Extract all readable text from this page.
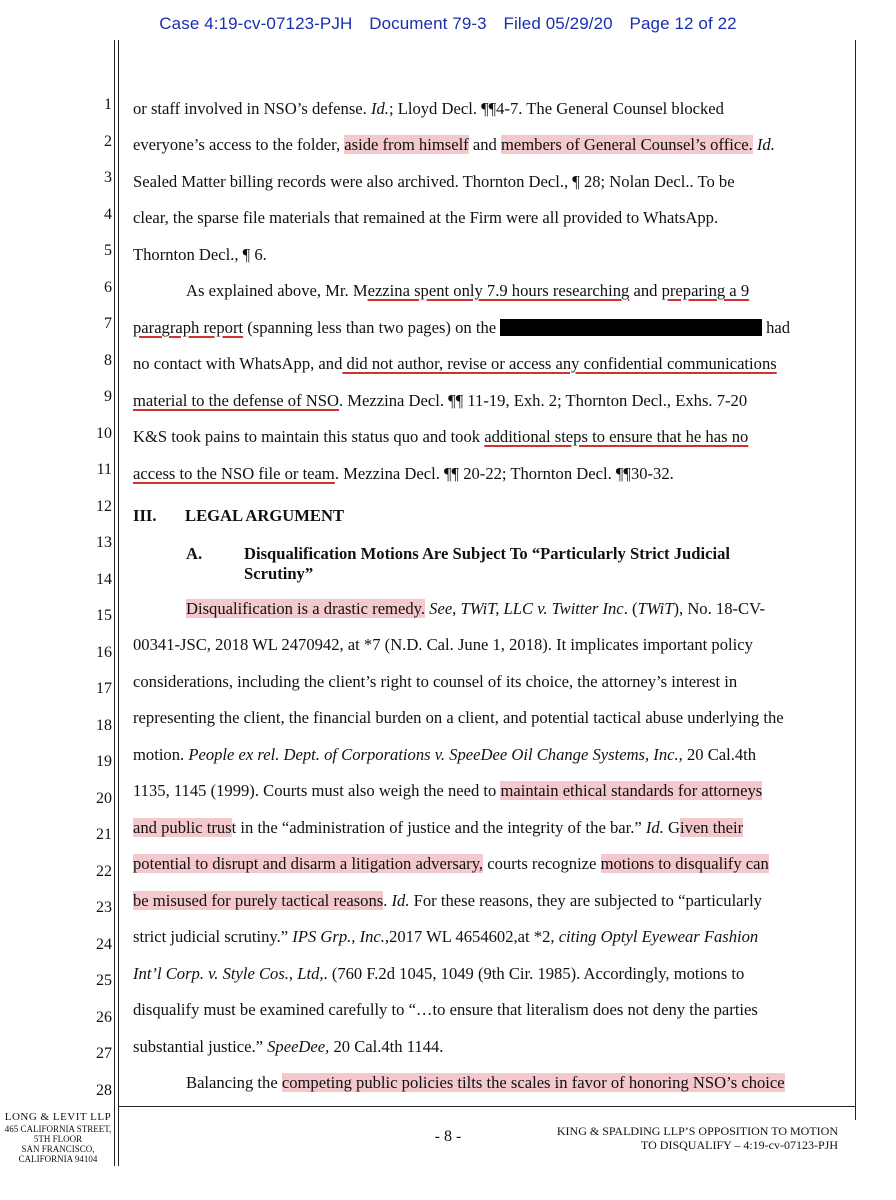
Case 4:19-cv-07123-PJH Document 79-3 Filed 05/29/20 Page 12 of 22
1
2
3
4
5
6
7
8
9
10
11
12
13
14
15
16
17
18
19
20
21
22
23
24
25
26
27
28
or staff involved in NSO’s defense. Id.; Lloyd Decl. ¶¶4-7. The General Counsel blocked
everyone’s access to the folder, aside from himself and members of General Counsel’s office. Id.
Sealed Matter billing records were also archived. Thornton Decl., ¶ 28; Nolan Decl.. To be
clear, the sparse file materials that remained at the Firm were all provided to WhatsApp.
Thornton Decl., ¶ 6.
As explained above, Mr. Mezzina spent only 7.9 hours researching and preparing a 9
paragraph report (spanning less than two pages) on the	had
no contact with WhatsApp, and did not author, revise or access any confidential communications
material to the defense of NSO. Mezzina Decl. ¶¶ 11-19, Exh. 2; Thornton Decl., Exhs. 7-20
K&S took pains to maintain this status quo and took additional steps to ensure that he has no
access to the NSO file or team. Mezzina Decl. ¶¶ 20-22; Thornton Decl. ¶¶30-32.
III. LEGAL ARGUMENT
A.	Disqualification Motions Are Subject To “Particularly Strict Judicial
Scrutiny”
Disqualification is a drastic remedy. See, TWiT, LLC v. Twitter Inc. (TWiT), No. 18-CV-
00341-JSC, 2018 WL 2470942, at *7 (N.D. Cal. June 1, 2018). It implicates important policy
considerations, including the client’s right to counsel of its choice, the attorney’s interest in
representing the client, the financial burden on a client, and potential tactical abuse underlying the
motion. People ex rel. Dept. of Corporations v. SpeeDee Oil Change Systems, Inc., 20 Cal.4th
1135, 1145 (1999). Courts must also weigh the need to maintain ethical standards for attorneys
and public trust in the “administration of justice and the integrity of the bar.” Id. Given their
potential to disrupt and disarm a litigation adversary, courts recognize motions to disqualify can
be misused for purely tactical reasons. Id. For these reasons, they are subjected to “particularly
strict judicial scrutiny.” IPS Grp., Inc.,2017 WL 4654602,at *2, citing Optyl Eyewear Fashion
Int’l Corp. v. Style Cos., Ltd,. (760 F.2d 1045, 1049 (9th Cir. 1985). Accordingly, motions to
disqualify must be examined carefully to “…to ensure that literalism does not deny the parties
substantial justice.” SpeeDee, 20 Cal.4th 1144.
Balancing the competing public policies tilts the scales in favor of honoring NSO’s choice
LONG & LEVIT LLP
465 CALIFORNIA STREET,
5TH FLOOR
SAN FRANCISCO,
CALIFORNIA 94104
- 8 -	KING & SPALDING LLP’S OPPOSITION TO MOTION
TO DISQUALIFY – 4:19-cv-07123-PJH
